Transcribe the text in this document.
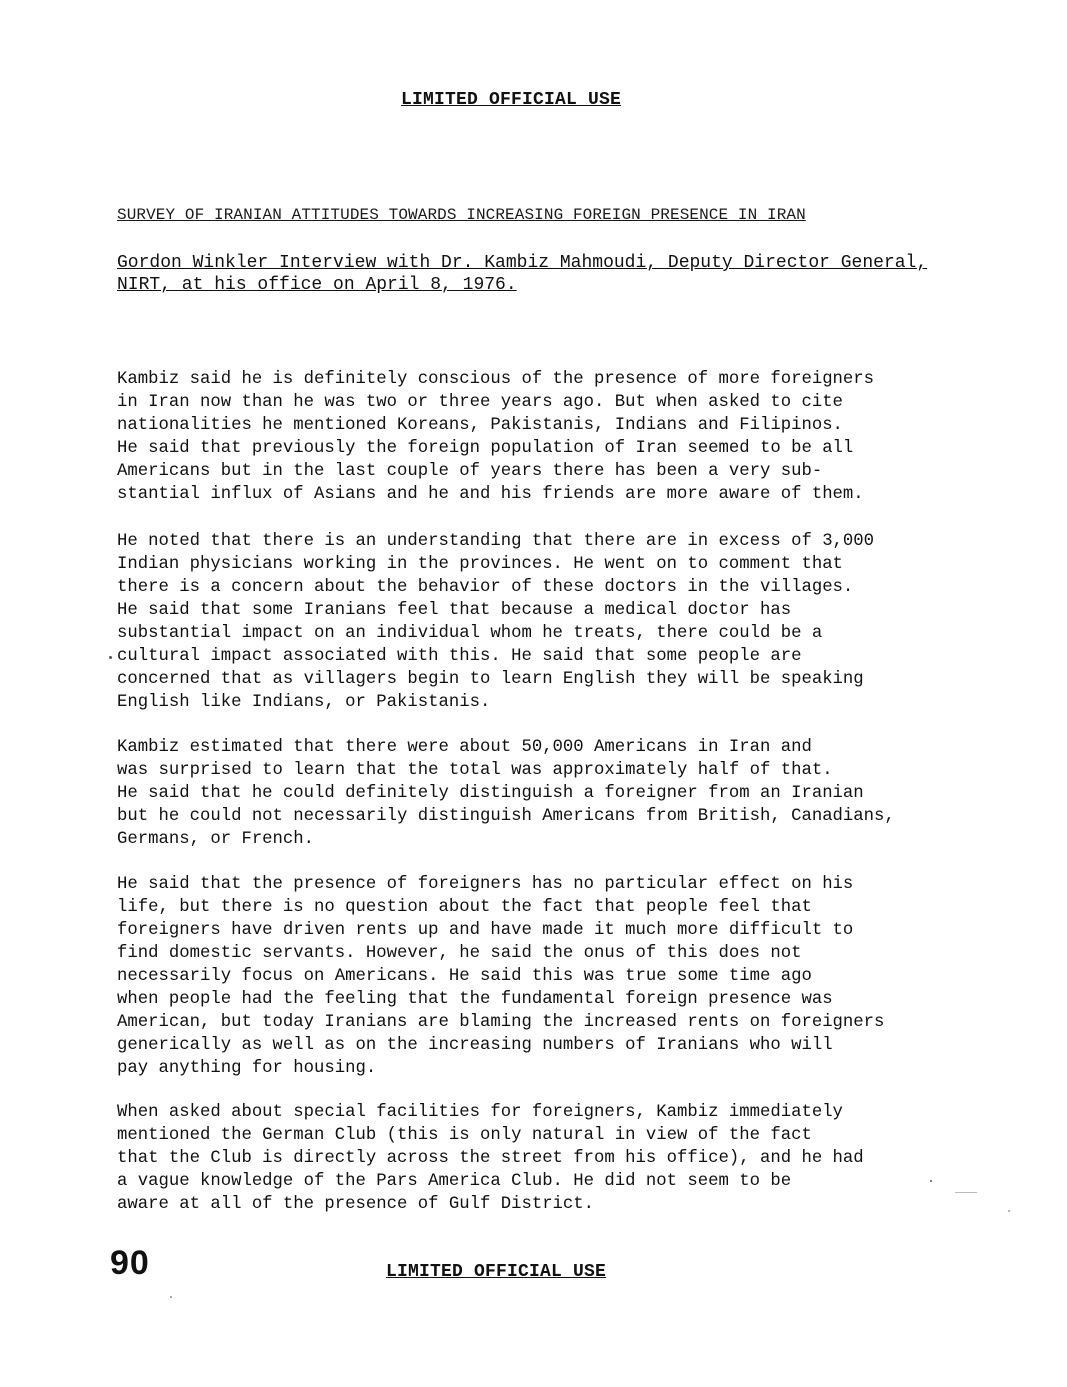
LIMITED OFFICIAL USE
SURVEY OF IRANIAN ATTITUDES TOWARDS INCREASING FOREIGN PRESENCE IN IRAN
Gordon Winkler Interview with Dr. Kambiz Mahmoudi, Deputy Director General,
NIRT, at his office on April 8, 1976.

Kambiz said he is definitely conscious of the presence of more foreigners
in Iran now than he was two or three years ago. But when asked to cite
nationalities he mentioned Koreans, Pakistanis, Indians and Filipinos.
He said that previously the foreign population of Iran seemed to be all
Americans but in the last couple of years there has been a very sub-
stantial influx of Asians and he and his friends are more aware of them.

He noted that there is an understanding that there are in excess of 3,000
Indian physicians working in the provinces. He went on to comment that
there is a concern about the behavior of these doctors in the villages.
He said that some Iranians feel that because a medical doctor has
substantial impact on an individual whom he treats, there could be a
cultural impact associated with this. He said that some people are
concerned that as villagers begin to learn English they will be speaking
English like Indians, or Pakistanis.

Kambiz estimated that there were about 50,000 Americans in Iran and
was surprised to learn that the total was approximately half of that.
He said that he could definitely distinguish a foreigner from an Iranian
but he could not necessarily distinguish Americans from British, Canadians,
Germans, or French.

He said that the presence of foreigners has no particular effect on his
life, but there is no question about the fact that people feel that
foreigners have driven rents up and have made it much more difficult to
find domestic servants. However, he said the onus of this does not
necessarily focus on Americans. He said this was true some time ago
when people had the feeling that the fundamental foreign presence was
American, but today Iranians are blaming the increased rents on foreigners
generically as well as on the increasing numbers of Iranians who will
pay anything for housing.

When asked about special facilities for foreigners, Kambiz immediately
mentioned the German Club (this is only natural in view of the fact
that the Club is directly across the street from his office), and he had
a vague knowledge of the Pars America Club. He did not seem to be
aware at all of the presence of Gulf District.

90	LIMITED OFFICIAL USE
